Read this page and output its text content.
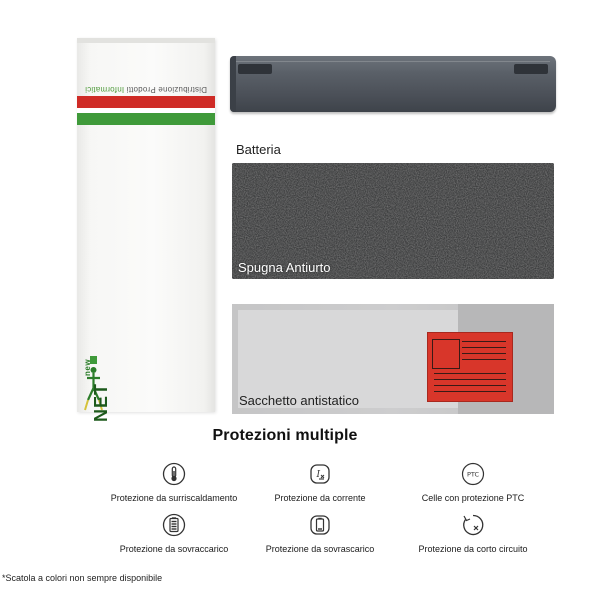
Distribuzione Prodotti Informatici
new
NET
Batteria
Spugna Antiurto
Sacchetto antistatico
Protezioni multiple
Protezione da surriscaldamento
I
Protezione da corrente
PTC
Celle con protezione PTC
Protezione da sovraccarico	Protezione da sovrascarico	Protezione da corto circuito
*Scatola a colori non sempre disponibile
